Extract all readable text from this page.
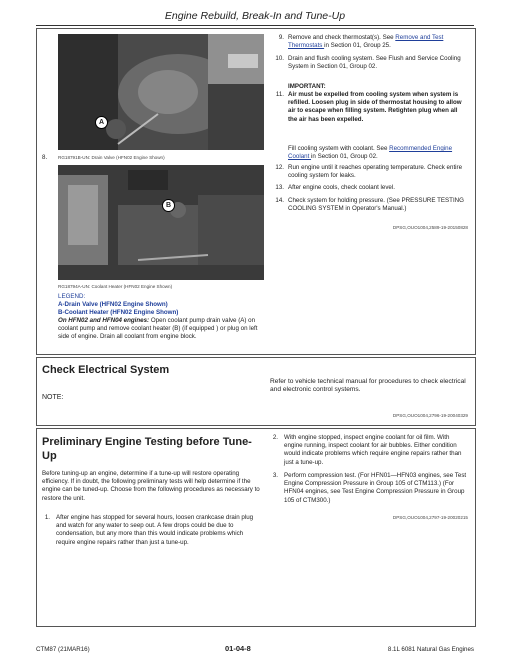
Engine Rebuild, Break-In and Tune-Up
8.
A
RG18791B-UN: Drain Valve (HFN02 Engine Shown)
B
RG18794A-UN: Coolant Heater (HFN02 Engine Shown)
LEGEND:
A-Drain Valve (HFN02 Engine Shown)
B-Coolant Heater (HFN02 Engine Shown)
On HFN02 and HFN04 engines: Open coolant pump drain valve (A) on coolant pump and remove coolant heater (B) (if equipped ) or plug on left side of engine. Drain all coolant from engine block.
9. Remove and check thermostat(s). See Remove and Test Thermostats in Section 01, Group 25.
10. Drain and flush cooling system. See Flush and Service Cooling System in Section 01, Group 02.
IMPORTANT:
11. Air must be expelled from cooling system when system is refilled. Loosen plug in side of thermostat housing to allow air to escape when filling system. Retighten plug when all the air has been expelled.
Fill cooling system with coolant. See Recommended Engine Coolant in Section 01, Group 02.
12. Run engine until it reaches operating temperature. Check entire cooling system for leaks.
13. After engine cools, check coolant level.
14. Check system for holding pressure. (See PRESSURE TESTING COOLING SYSTEM in Operator's Manual.)
DPSG,OUO1004,2589-19-20150828
Check Electrical System
NOTE:
Refer to vehicle technical manual for procedures to check electrical and electronic control systems.
DPSG,OUO1004,2796-19-20040329
Preliminary Engine Testing before Tune-Up
Before tuning-up an engine, determine if a tune-up will restore operating efficiency. If in doubt, the following preliminary tests will help determine if the engine can be tuned-up. Choose from the following procedures as necessary to restore the unit.
1. After engine has stopped for several hours, loosen crankcase drain plug and watch for any water to seep out. A few drops could be due to condensation, but any more than this would indicate problems which require engine repairs rather than just a tune-up.
2. With engine stopped, inspect engine coolant for oil film. With engine running, inspect coolant for air bubbles. Either condition would indicate problems which require engine repairs rather than just a tune-up.
3. Perform compression test. (For HFN01—HFN03 engines, see Test Engine Compression Pressure in Group 105 of CTM113.) (For HFN04 engines, see Test Engine Compression Pressure in Group 105 of CTM300.)
DPSG,OUO1004,2797-19-20020215
CTM87 (21MAR16)	01-04-8	8.1L 6081 Natural Gas Engines
